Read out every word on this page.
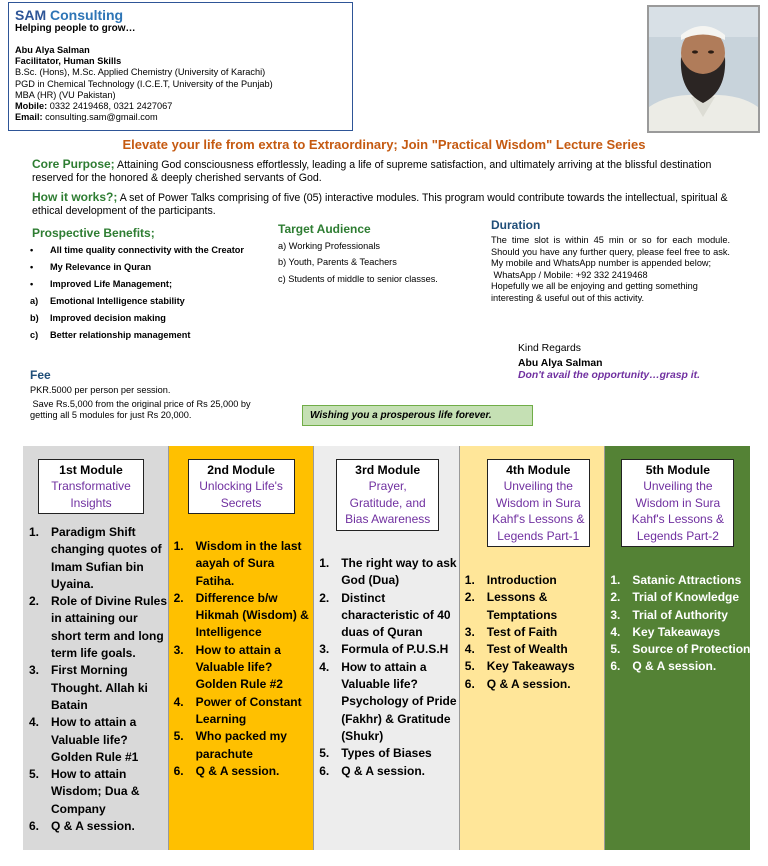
SAM Consulting
Helping people to grow…
Abu Alya Salman
Facilitator, Human Skills
B.Sc. (Hons), M.Sc. Applied Chemistry (University of Karachi)
PGD in Chemical Technology (I.C.E.T, University of the Punjab)
MBA (HR) (VU Pakistan)
Mobile: 0332 2419468, 0321 2427067
Email: consulting.sam@gmail.com
Elevate your life from extra to Extraordinary; Join "Practical Wisdom" Lecture Series
Core Purpose; Attaining God consciousness effortlessly, leading a life of supreme satisfaction, and ultimately arriving at the blissful destination reserved for the honored & deeply cherished servants of God.
How it works?; A set of Power Talks comprising of five (05) interactive modules. This program would contribute towards the intellectual, spiritual & ethical development of the participants.
Prospective Benefits;
•	All time quality connectivity with the Creator
•	My Relevance in Quran
•	Improved Life Management;
a)	Emotional Intelligence stability
b)	Improved decision making
c)	Better relationship management
Target Audience
a) Working Professionals
b) Youth, Parents & Teachers
c) Students of middle to senior classes.
Duration
The time slot is within 45 min or so for each module. Should you have any further query, please feel free to ask. My mobile and WhatsApp number is appended below;
WhatsApp / Mobile: +92 332 2419468
Hopefully we all be enjoying and getting something interesting & useful out of this activity.
Kind Regards
Abu Alya Salman
Don't avail the opportunity…grasp it.
Fee
PKR.5000 per person per session.
Save Rs.5,000 from the original price of Rs 25,000 by
getting all 5 modules for just Rs 20,000.	Wishing you a prosperous life forever.
1st Module
Transformative
Insights
1. Paradigm Shift changing quotes of Imam Sufian bin Uyaina.
2. Role of Divine Rules in attaining our short term and long term life goals.
3. First Morning Thought. Allah ki Batain
4. How to attain a Valuable life? Golden Rule #1
5. How to attain Wisdom; Dua & Company
6. Q & A session.
2nd Module
Unlocking Life's
Secrets
1. Wisdom in the last aayah of Sura Fatiha.
2. Difference b/w Hikmah (Wisdom) & Intelligence
3. How to attain a Valuable life? Golden Rule #2
4. Power of Constant Learning
5. Who packed my parachute
6. Q & A session.
3rd Module
Prayer,
Gratitude, and
Bias Awareness
1. The right way to ask God (Dua)
2. Distinct characteristic of 40 duas of Quran
3. Formula of P.U.S.H
4. How to attain a Valuable life? Psychology of Pride (Fakhr) & Gratitude (Shukr)
5. Types of Biases
6. Q & A session.
4th Module
Unveiling the
Wisdom in Sura
Kahf's Lessons &
Legends Part-1
1. Introduction
2. Lessons & Temptations
3. Test of Faith
4. Test of Wealth
5. Key Takeaways
6. Q & A session.
5th Module
Unveiling the
Wisdom in Sura
Kahf's Lessons &
Legends Part-2
1. Satanic Attractions
2. Trial of Knowledge
3. Trial of Authority
4. Key Takeaways
5. Source of Protection
6. Q & A session.
